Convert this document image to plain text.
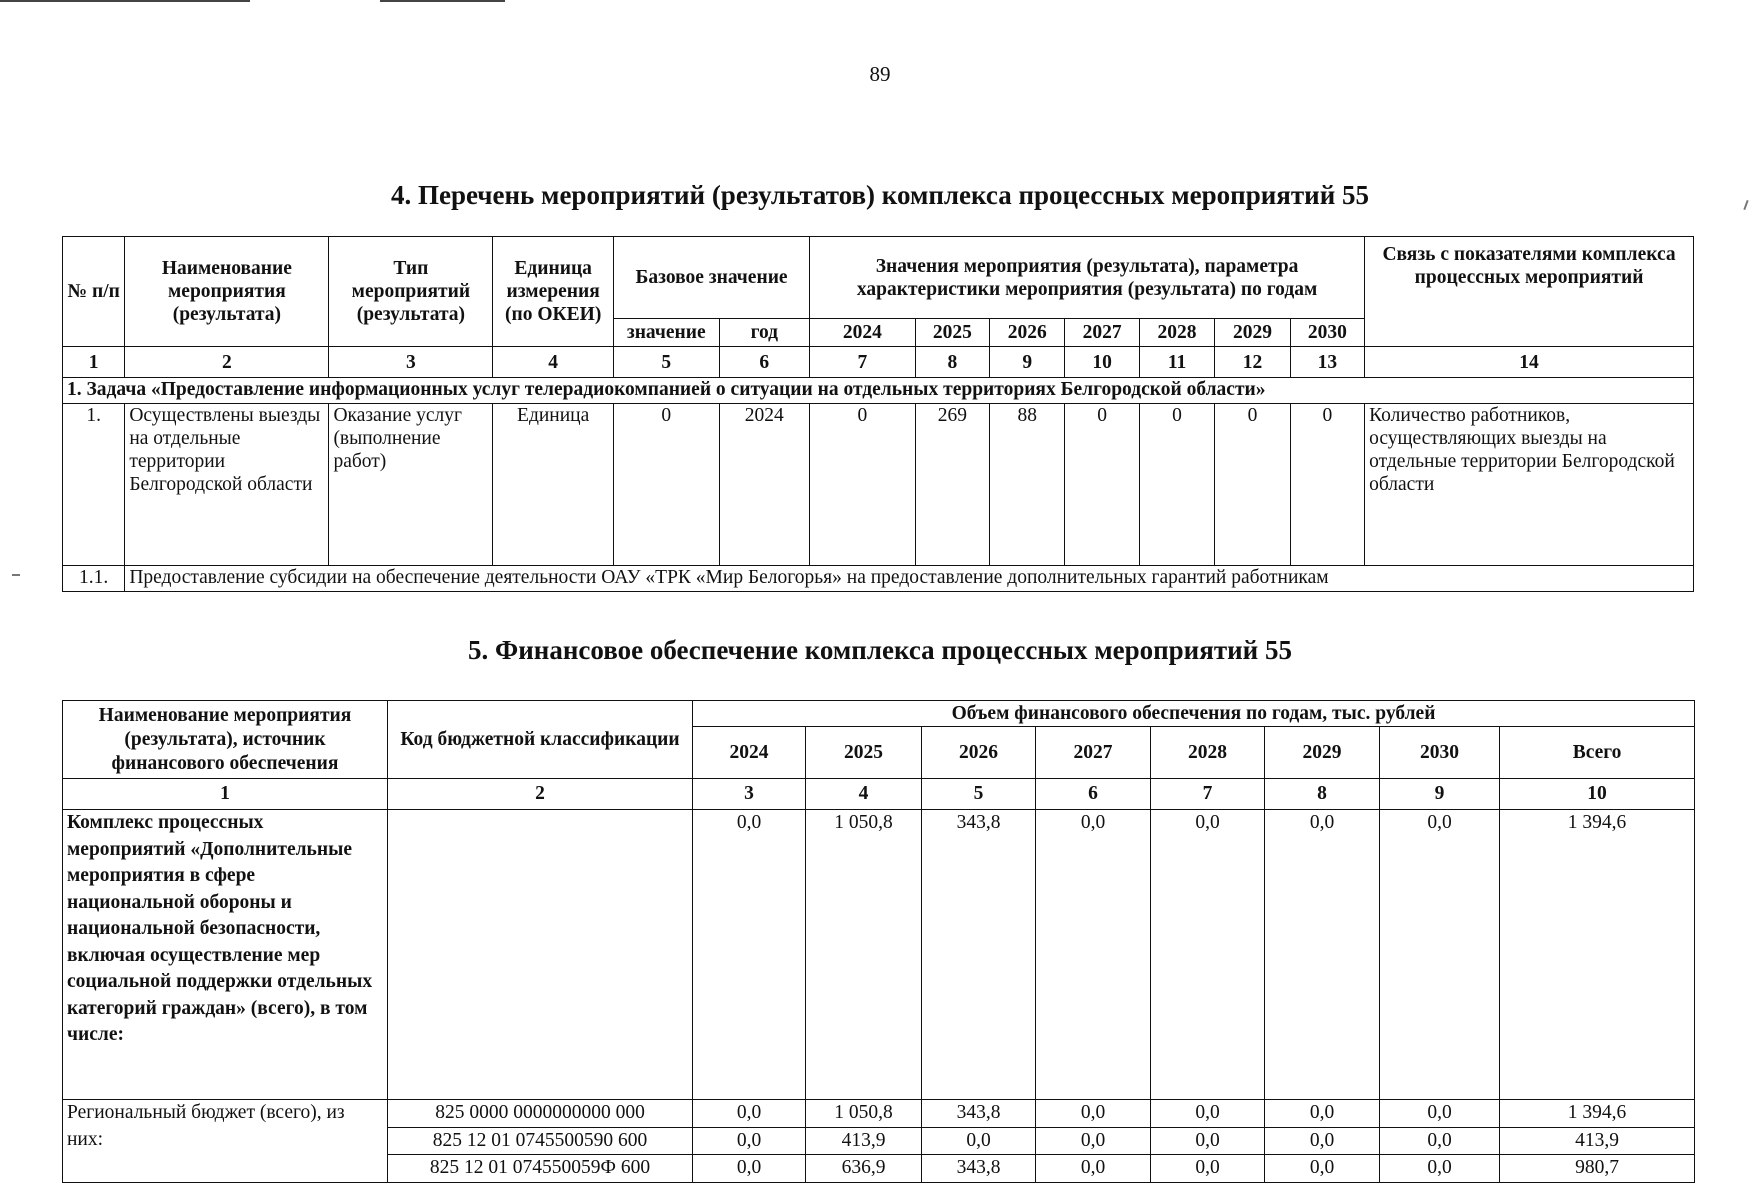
89
4. Перечень мероприятий (результатов) комплекса процессных мероприятий 55
№ п/п	Наименование мероприятия (результата)	Тип мероприятий (результата)	Единица измерения (по ОКЕИ)	Базовое значение		Значения мероприятия (результата), параметра характеристики мероприятия (результата) по годам							Связь с показателями комплекса процессных мероприятий
				значение	год	2024	2025	2026	2027	2028	2029	2030	
1	2	3	4	5	6	7	8	9	10	11	12	13	14
1. Задача «Предоставление информационных услуг телерадиокомпанией о ситуации на отдельных территориях Белгородской области»													
1.	Осуществлены выезды на отдельные территории Белгородской области	Оказание услуг (выполнение работ)	Единица	0	2024	0	269	88	0	0	0	0	Количество работников, осуществляющих выезды на отдельные территории Белгородской области
1.1.	Предоставление субсидии на обеспечение деятельности ОАУ «ТРК «Мир Белогорья» на предоставление дополнительных гарантий работникам												
5. Финансовое обеспечение комплекса процессных мероприятий 55
Наименование мероприятия (результата), источник финансового обеспечения	Код бюджетной классификации	Объем финансового обеспечения по годам, тыс. рублей							
		2024	2025	2026	2027	2028	2029	2030	Всего
1	2	3	4	5	6	7	8	9	10
Комплекс процессных мероприятий «Дополнительные мероприятия в сфере национальной обороны и национальной безопасности, включая осуществление мер социальной поддержки отдельных категорий граждан» (всего), в том числе:		0,0	1 050,8	343,8	0,0	0,0	0,0	0,0	1 394,6
Региональный бюджет (всего), из них:	825 0000 0000000000 000	0,0	1 050,8	343,8	0,0	0,0	0,0	0,0	1 394,6
	825 12 01 0745500590 600	0,0	413,9	0,0	0,0	0,0	0,0	0,0	413,9
	825 12 01 074550059Ф 600	0,0	636,9	343,8	0,0	0,0	0,0	0,0	980,7
